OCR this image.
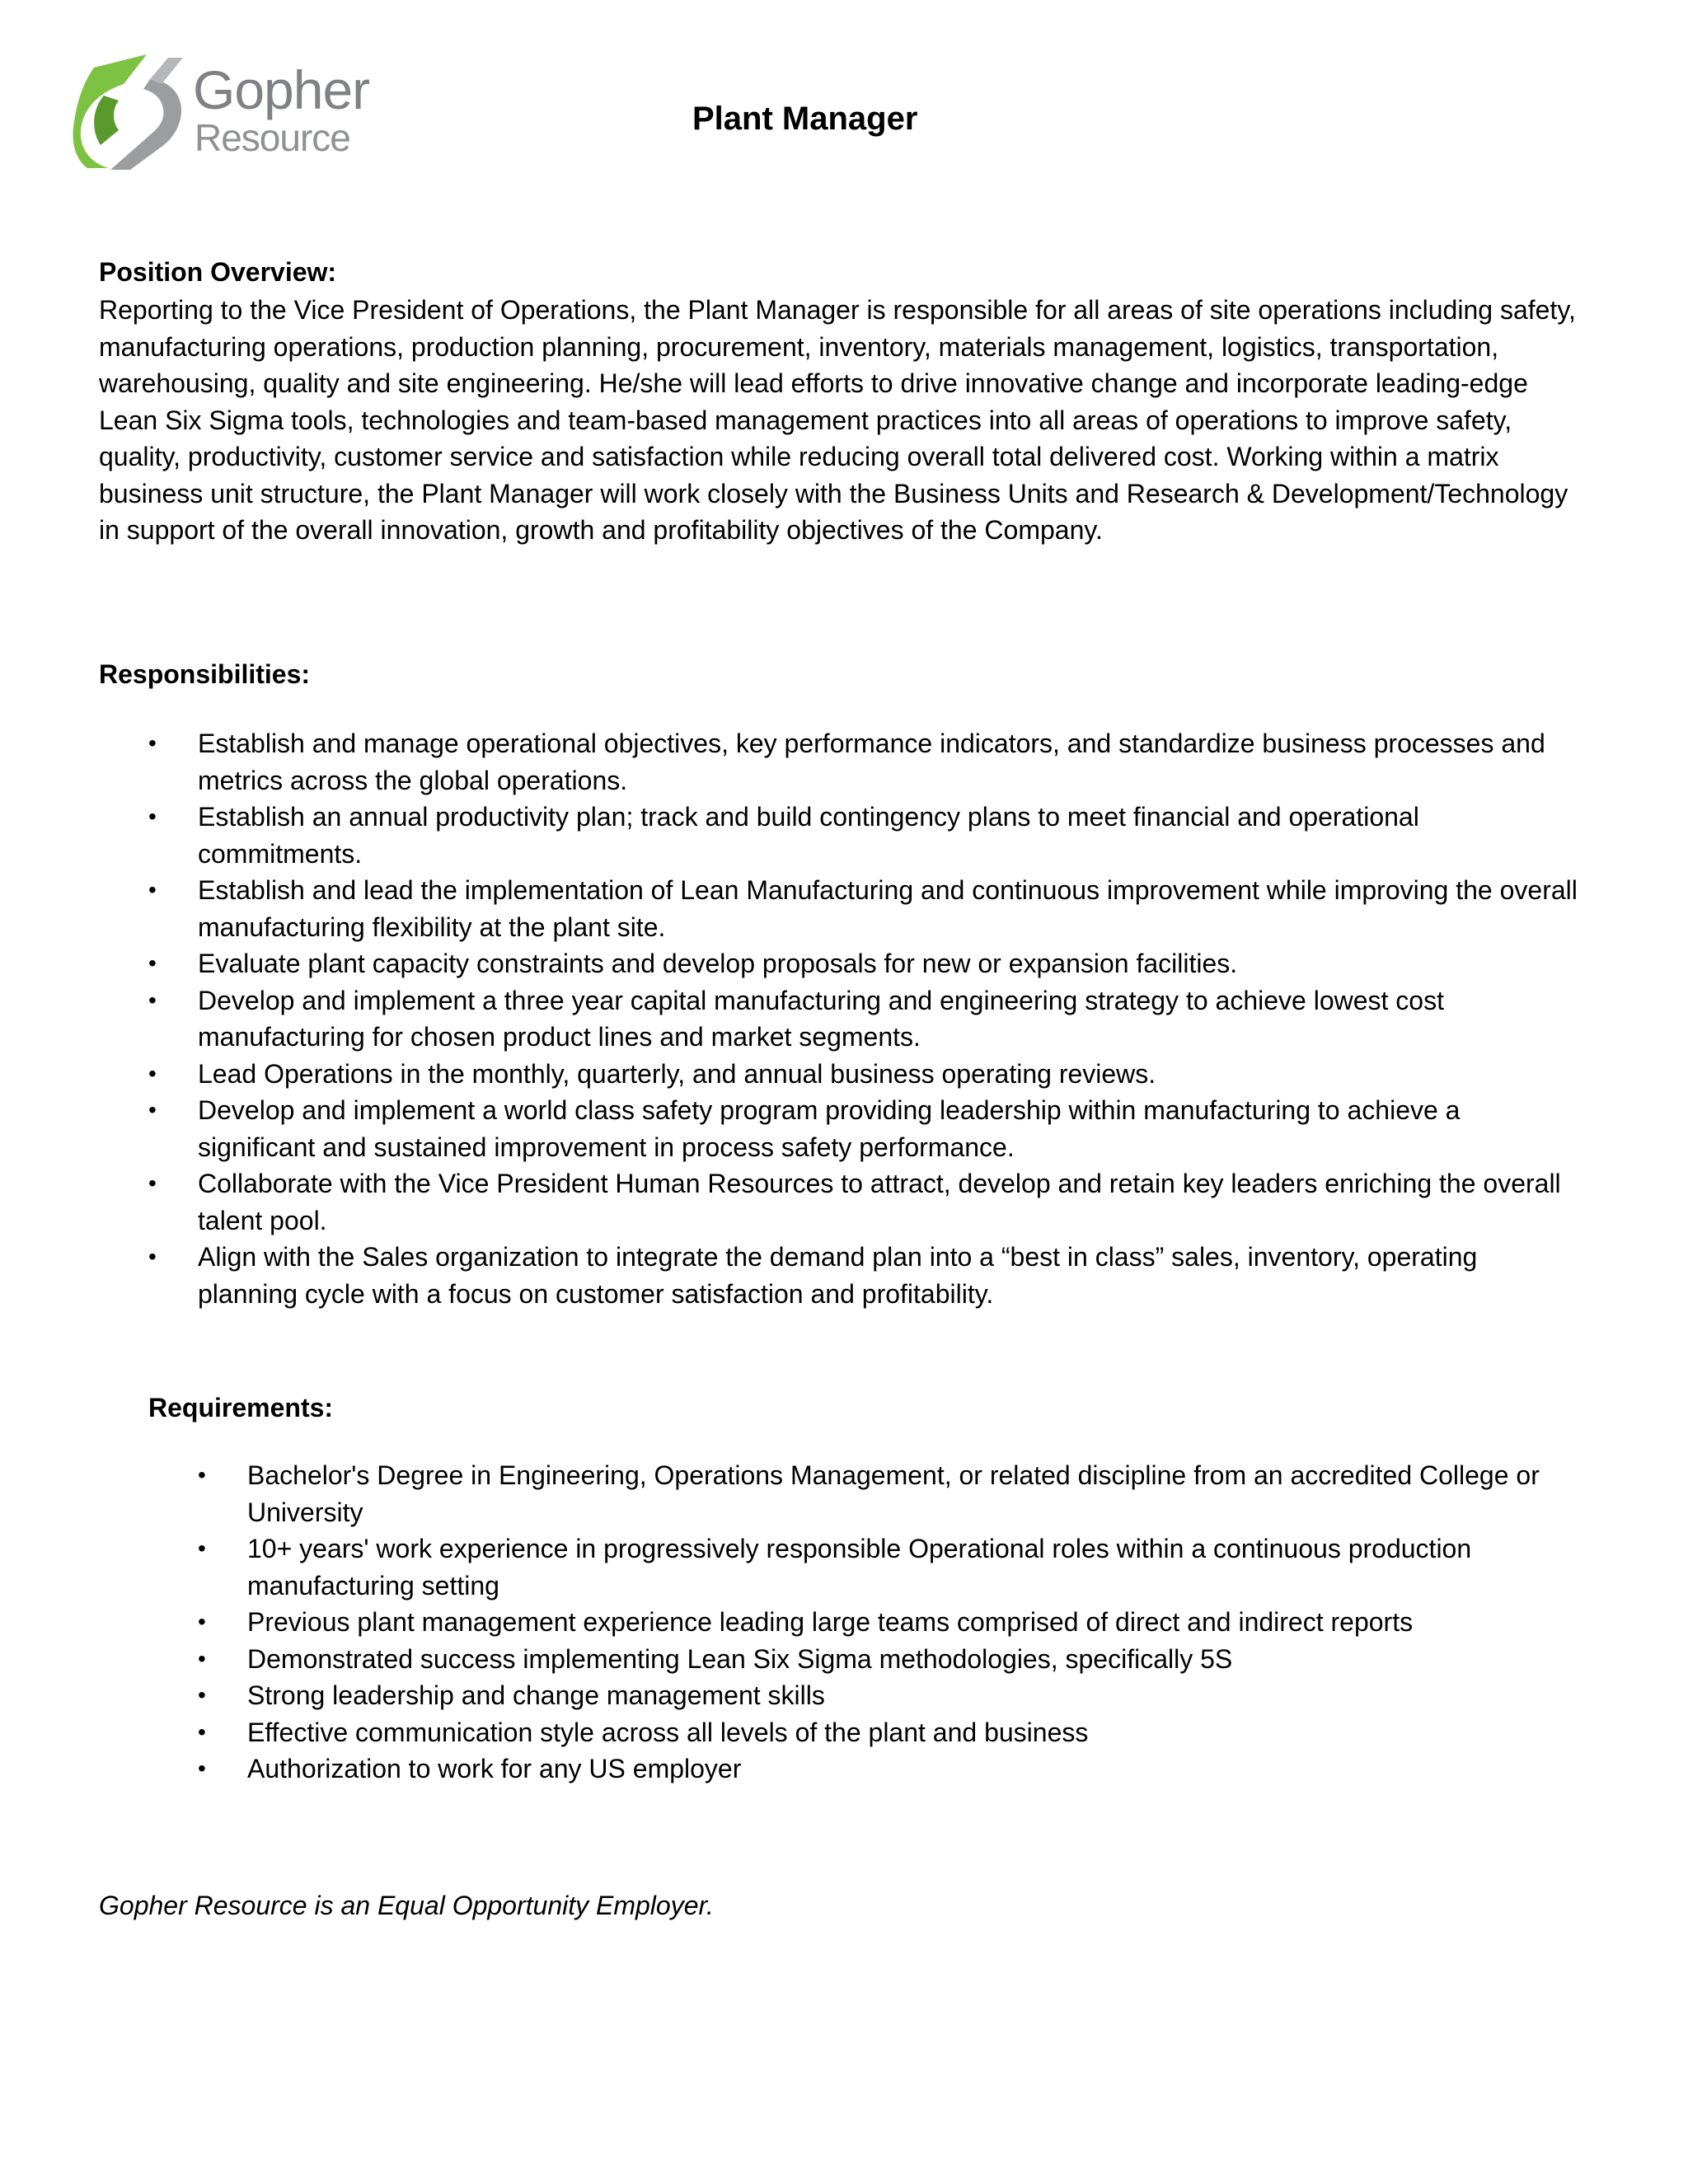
Gopher
Resource	Plant Manager
Position Overview:
Reporting to the Vice President of Operations, the Plant Manager is responsible for all areas of site operations including safety, manufacturing operations, production planning, procurement, inventory, materials management, logistics, transportation, warehousing, quality and site engineering. He/she will lead efforts to drive innovative change and incorporate leading-edge Lean Six Sigma tools, technologies and team-based management practices into all areas of operations to improve safety, quality, productivity, customer service and satisfaction while reducing overall total delivered cost. Working within a matrix business unit structure, the Plant Manager will work closely with the Business Units and Research & Development/Technology in support of the overall innovation, growth and profitability objectives of the Company.
Responsibilities:
• Establish and manage operational objectives, key performance indicators, and standardize business processes and metrics across the global operations.
• Establish an annual productivity plan; track and build contingency plans to meet financial and operational commitments.
• Establish and lead the implementation of Lean Manufacturing and continuous improvement while improving the overall manufacturing flexibility at the plant site.
• Evaluate plant capacity constraints and develop proposals for new or expansion facilities.
• Develop and implement a three year capital manufacturing and engineering strategy to achieve lowest cost manufacturing for chosen product lines and market segments.
• Lead Operations in the monthly, quarterly, and annual business operating reviews.
• Develop and implement a world class safety program providing leadership within manufacturing to achieve a significant and sustained improvement in process safety performance.
• Collaborate with the Vice President Human Resources to attract, develop and retain key leaders enriching the overall talent pool.
• Align with the Sales organization to integrate the demand plan into a “best in class” sales, inventory, operating planning cycle with a focus on customer satisfaction and profitability.
Requirements:
• Bachelor's Degree in Engineering, Operations Management, or related discipline from an accredited College or University
• 10+ years' work experience in progressively responsible Operational roles within a continuous production manufacturing setting
• Previous plant management experience leading large teams comprised of direct and indirect reports
• Demonstrated success implementing Lean Six Sigma methodologies, specifically 5S
• Strong leadership and change management skills
• Effective communication style across all levels of the plant and business
• Authorization to work for any US employer
Gopher Resource is an Equal Opportunity Employer.
